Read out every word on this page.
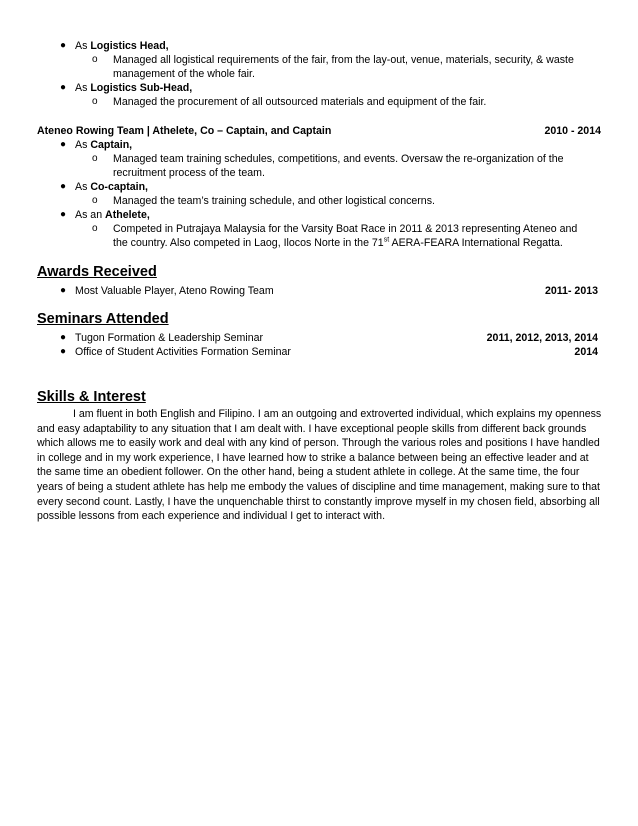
● As Logistics Head,
o Managed all logistical requirements of the fair, from the lay-out, venue, materials, security, & waste management of the whole fair.
● As Logistics Sub-Head,
o Managed the procurement of all outsourced materials and equipment of the fair.
Ateneo Rowing Team | Athelete, Co – Captain, and Captain	2010 - 2014
● As Captain,
o Managed team training schedules, competitions, and events. Oversaw the re-organization of the recruitment process of the team.
● As Co-captain,
o Managed the team’s training schedule, and other logistical concerns.
● As an Athelete,
o Competed in Putrajaya Malaysia for the Varsity Boat Race in 2011 & 2013 representing Ateneo and the country. Also competed in Laog, Ilocos Norte in the 71st AERA-FEARA International Regatta.
Awards Received
● Most Valuable Player, Ateno Rowing Team	2011- 2013
Seminars Attended
● Tugon Formation & Leadership Seminar	2011, 2012, 2013, 2014
● Office of Student Activities Formation Seminar	2014
Skills & Interest
I am fluent in both English and Filipino. I am an outgoing and extroverted individual, which explains my openness and easy adaptability to any situation that I am dealt with. I have exceptional people skills from different back grounds which allows me to easily work and deal with any kind of person. Through the various roles and positions I have handled in college and in my work experience, I have learned how to strike a balance between being an effective leader and at the same time an obedient follower. On the other hand, being a student athlete in college. At the same time, the four years of being a student athlete has help me embody the values of discipline and time management, making sure to that every second count. Lastly, I have the unquenchable thirst to constantly improve myself in my chosen field, absorbing all possible lessons from each experience and individual I get to interact with.
